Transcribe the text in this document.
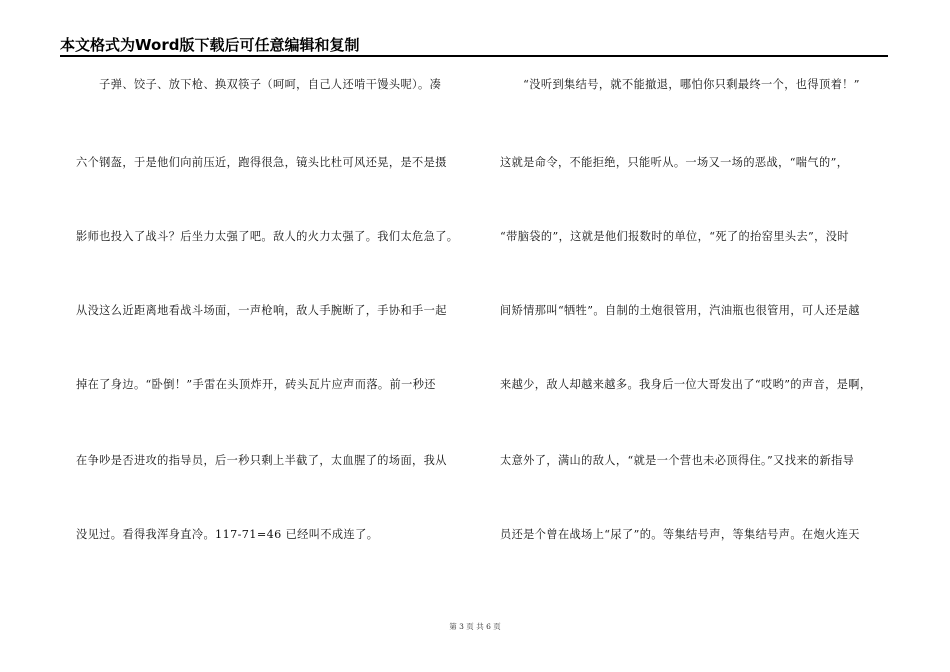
本文格式为Word版下载后可任意编辑和复制
　　子弹、饺子、放下枪、换双筷子（呵呵，自己人还啃干馒头呢）。凑
六个钢盔，于是他们向前压近，跑得很急，镜头比杜可风还晃，是不是摄
影师也投入了战斗？后坐力太强了吧。敌人的火力太强了。我们太危急了。
从没这么近距离地看战斗场面，一声枪响，敌人手腕断了，手协和手一起
掉在了身边。“卧倒！”手雷在头顶炸开，砖头瓦片应声而落。前一秒还
在争吵是否进攻的指导员，后一秒只剩上半截了，太血腥了的场面，我从
没见过。看得我浑身直冷。117-71=46 已经叫不成连了。
　　“没听到集结号，就不能撤退，哪怕你只剩最终一个，也得顶着！”
这就是命令，不能拒绝，只能听从。一场又一场的恶战，“喘气的”，
“带脑袋的”，这就是他们报数时的单位，“死了的抬窑里头去”，没时
间矫情那叫“牺牲”。自制的土炮很管用，汽油瓶也很管用，可人还是越
来越少，敌人却越来越多。我身后一位大哥发出了“哎哟”的声音，是啊，
太意外了，满山的敌人，“就是一个营也未必顶得住。”又找来的新指导
员还是个曾在战场上“尿了”的。等集结号声，等集结号声。在炮火连天
第 3 页 共 6 页
